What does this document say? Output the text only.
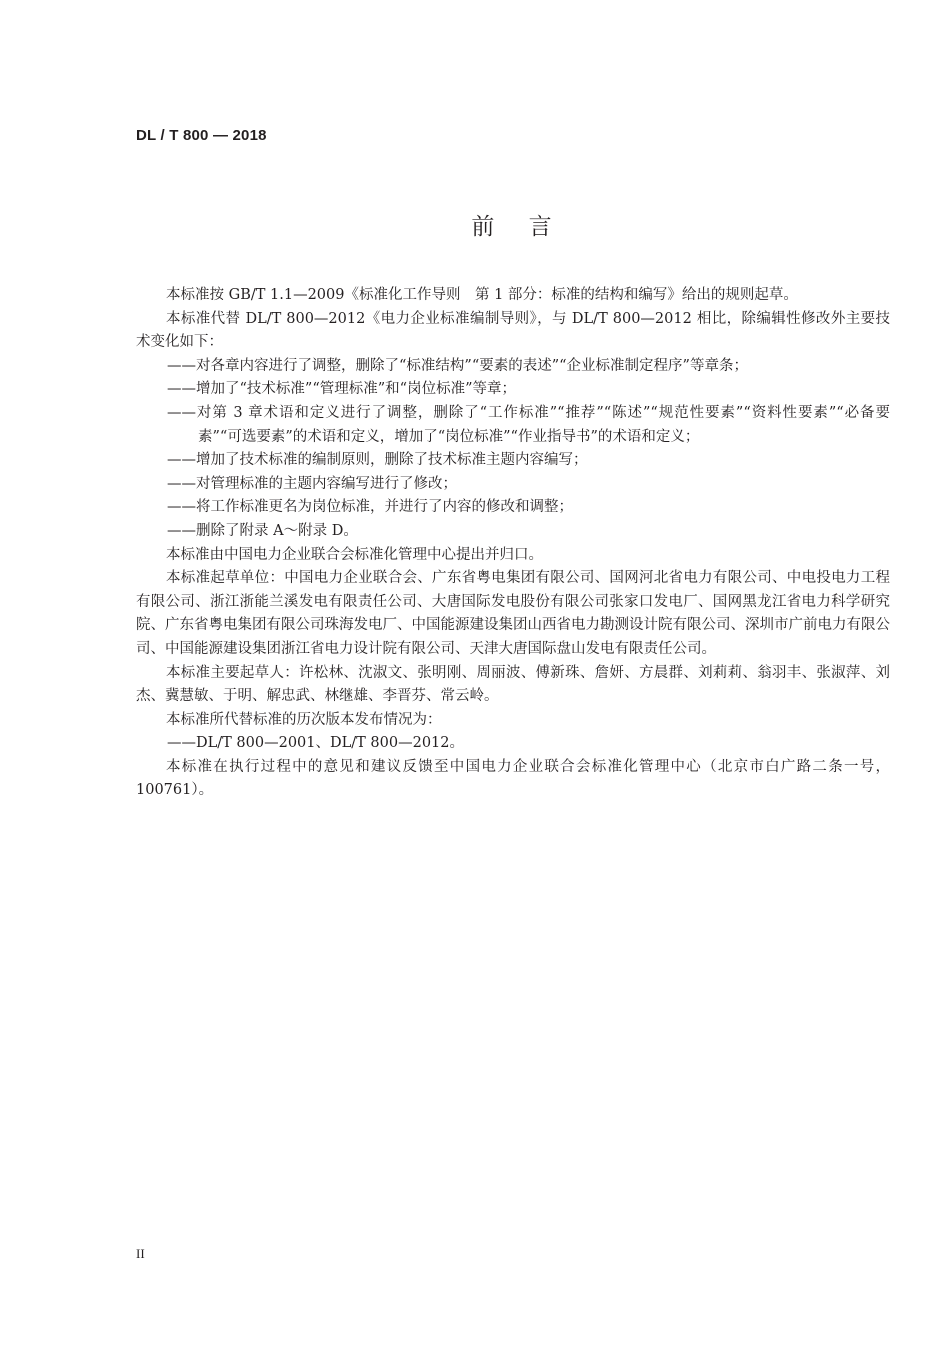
DL / T 800 — 2018
前    言

本标准按 GB/T 1.1—2009《标准化工作导则　第 1 部分：标准的结构和编写》给出的规则起草。

本标准代替 DL/T 800—2012《电力企业标准编制导则》，与 DL/T 800—2012 相比，除编辑性修改外主要技术变化如下：

——对各章内容进行了调整，删除了“标准结构”“要素的表述”“企业标准制定程序”等章条；

——增加了“技术标准”“管理标准”和“岗位标准”等章；

——对第 3 章术语和定义进行了调整，删除了“工作标准”“推荐”“陈述”“规范性要素”“资料性要素”“必备要素”“可选要素”的术语和定义，增加了“岗位标准”“作业指导书”的术语和定义；

——增加了技术标准的编制原则，删除了技术标准主题内容编写；

——对管理标准的主题内容编写进行了修改；

——将工作标准更名为岗位标准，并进行了内容的修改和调整；

——删除了附录 A～附录 D。

本标准由中国电力企业联合会标准化管理中心提出并归口。

本标准起草单位：中国电力企业联合会、广东省粤电集团有限公司、国网河北省电力有限公司、中电投电力工程有限公司、浙江浙能兰溪发电有限责任公司、大唐国际发电股份有限公司张家口发电厂、国网黑龙江省电力科学研究院、广东省粤电集团有限公司珠海发电厂、中国能源建设集团山西省电力勘测设计院有限公司、深圳市广前电力有限公司、中国能源建设集团浙江省电力设计院有限公司、天津大唐国际盘山发电有限责任公司。

本标准主要起草人：许松林、沈淑文、张明刚、周丽波、傅新珠、詹妍、方晨群、刘莉莉、翁羽丰、张淑萍、刘杰、冀慧敏、于明、解忠武、林继雄、李晋芬、常云岭。

本标准所代替标准的历次版本发布情况为：

——DL/T 800—2001、DL/T 800—2012。

本标准在执行过程中的意见和建议反馈至中国电力企业联合会标准化管理中心（北京市白广路二条一号，100761）。

II
